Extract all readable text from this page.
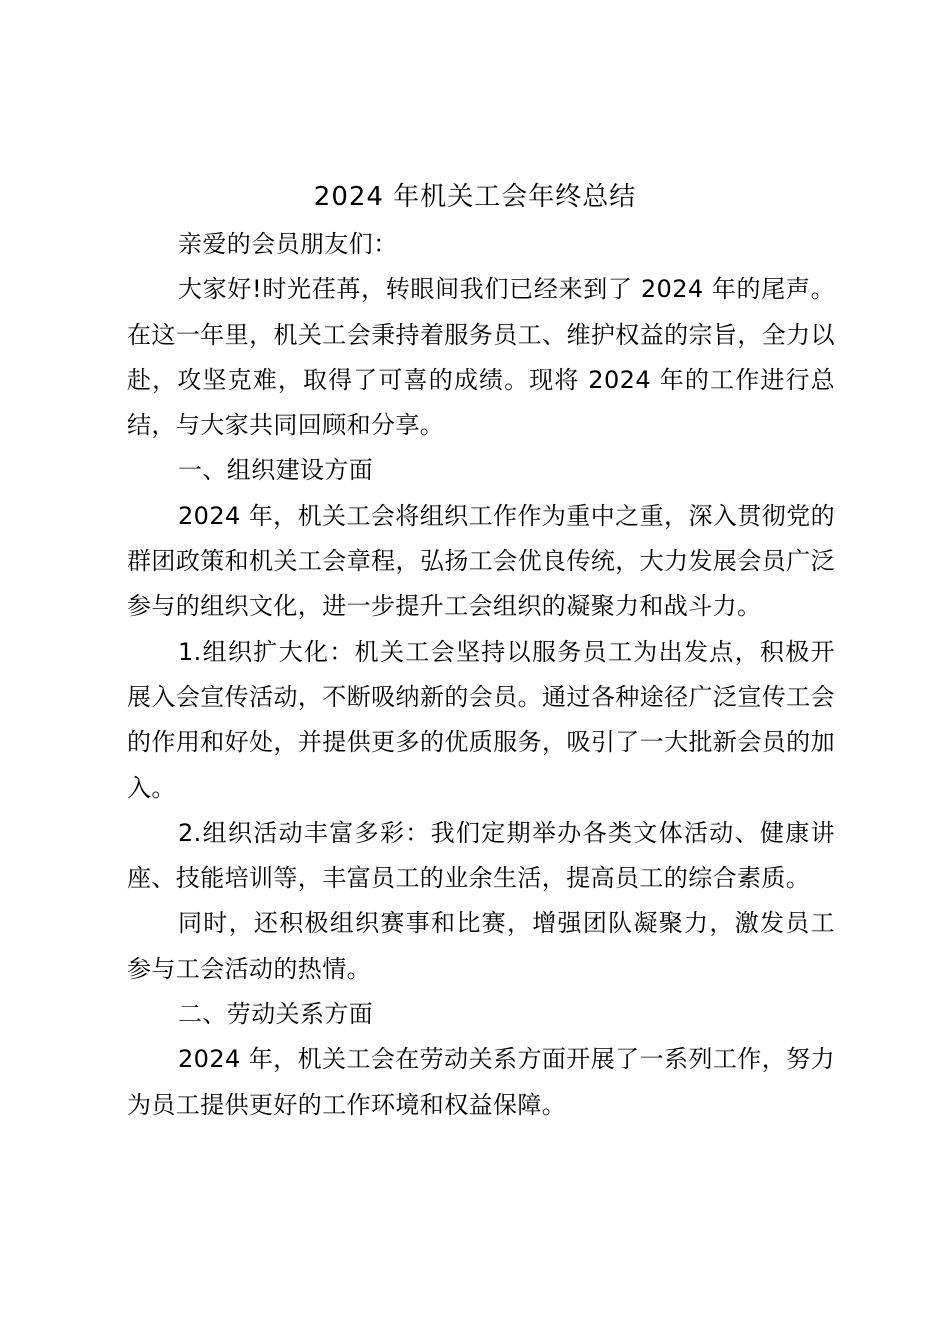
2024 年机关工会年终总结

亲爱的会员朋友们：

大家好!时光荏苒，转眼间我们已经来到了 2024 年的尾声。在这一年里，机关工会秉持着服务员工、维护权益的宗旨，全力以赴，攻坚克难，取得了可喜的成绩。现将 2024 年的工作进行总结，与大家共同回顾和分享。

一、组织建设方面

2024 年，机关工会将组织工作作为重中之重，深入贯彻党的群团政策和机关工会章程，弘扬工会优良传统，大力发展会员广泛参与的组织文化，进一步提升工会组织的凝聚力和战斗力。

1.组织扩大化：机关工会坚持以服务员工为出发点，积极开展入会宣传活动，不断吸纳新的会员。通过各种途径广泛宣传工会的作用和好处，并提供更多的优质服务，吸引了一大批新会员的加入。

2.组织活动丰富多彩：我们定期举办各类文体活动、健康讲座、技能培训等，丰富员工的业余生活，提高员工的综合素质。

同时，还积极组织赛事和比赛，增强团队凝聚力，激发员工参与工会活动的热情。

二、劳动关系方面

2024 年，机关工会在劳动关系方面开展了一系列工作，努力为员工提供更好的工作环境和权益保障。
